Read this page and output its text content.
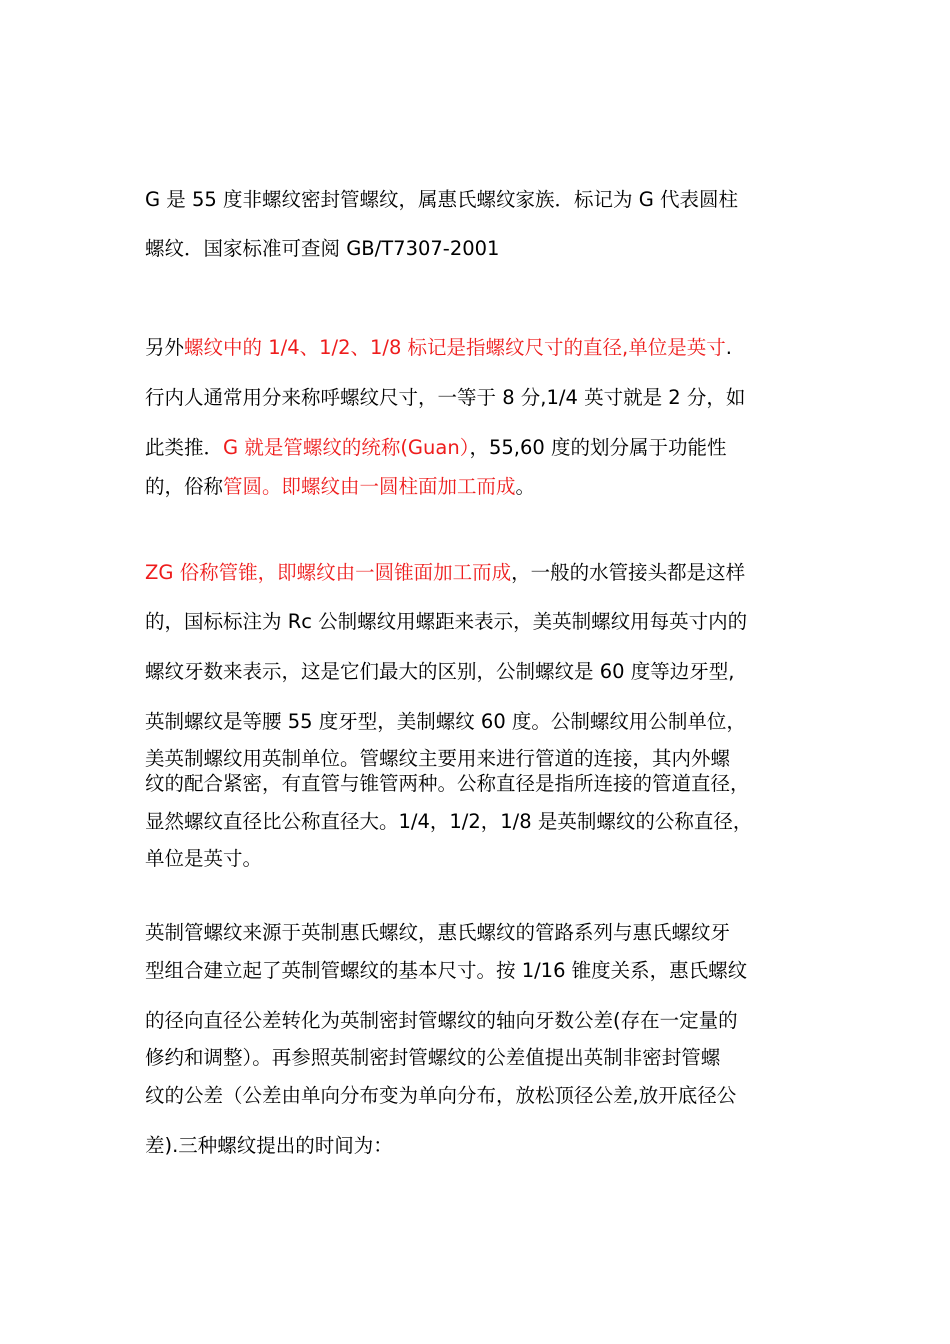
G 是 55 度非螺纹密封管螺纹，属惠氏螺纹家族．标记为 G 代表圆柱
螺纹．国家标准可查阅 GB/T7307-2001
另外螺纹中的 1/4、1/2、1/8 标记是指螺纹尺寸的直径,单位是英寸.
行内人通常用分来称呼螺纹尺寸，一等于 8 分,1/4 英寸就是 2 分，如
此类推．G 就是管螺纹的统称(Guan），55,60 度的划分属于功能性
的，俗称管圆。即螺纹由一圆柱面加工而成。
ZG 俗称管锥，即螺纹由一圆锥面加工而成，一般的水管接头都是这样
的，国标标注为 Rc 公制螺纹用螺距来表示，美英制螺纹用每英寸内的
螺纹牙数来表示，这是它们最大的区别，公制螺纹是 60 度等边牙型,
英制螺纹是等腰 55 度牙型，美制螺纹 60 度。公制螺纹用公制单位，
美英制螺纹用英制单位。管螺纹主要用来进行管道的连接，其内外螺
纹的配合紧密，有直管与锥管两种。公称直径是指所连接的管道直径，
显然螺纹直径比公称直径大。1/4，1/2，1/8 是英制螺纹的公称直径，
单位是英寸。
英制管螺纹来源于英制惠氏螺纹，惠氏螺纹的管路系列与惠氏螺纹牙
型组合建立起了英制管螺纹的基本尺寸。按 1/16 锥度关系，惠氏螺纹
的径向直径公差转化为英制密封管螺纹的轴向牙数公差(存在一定量的
修约和调整）。再参照英制密封管螺纹的公差值提出英制非密封管螺
纹的公差（公差由单向分布变为单向分布，放松顶径公差,放开底径公
差).三种螺纹提出的时间为：
